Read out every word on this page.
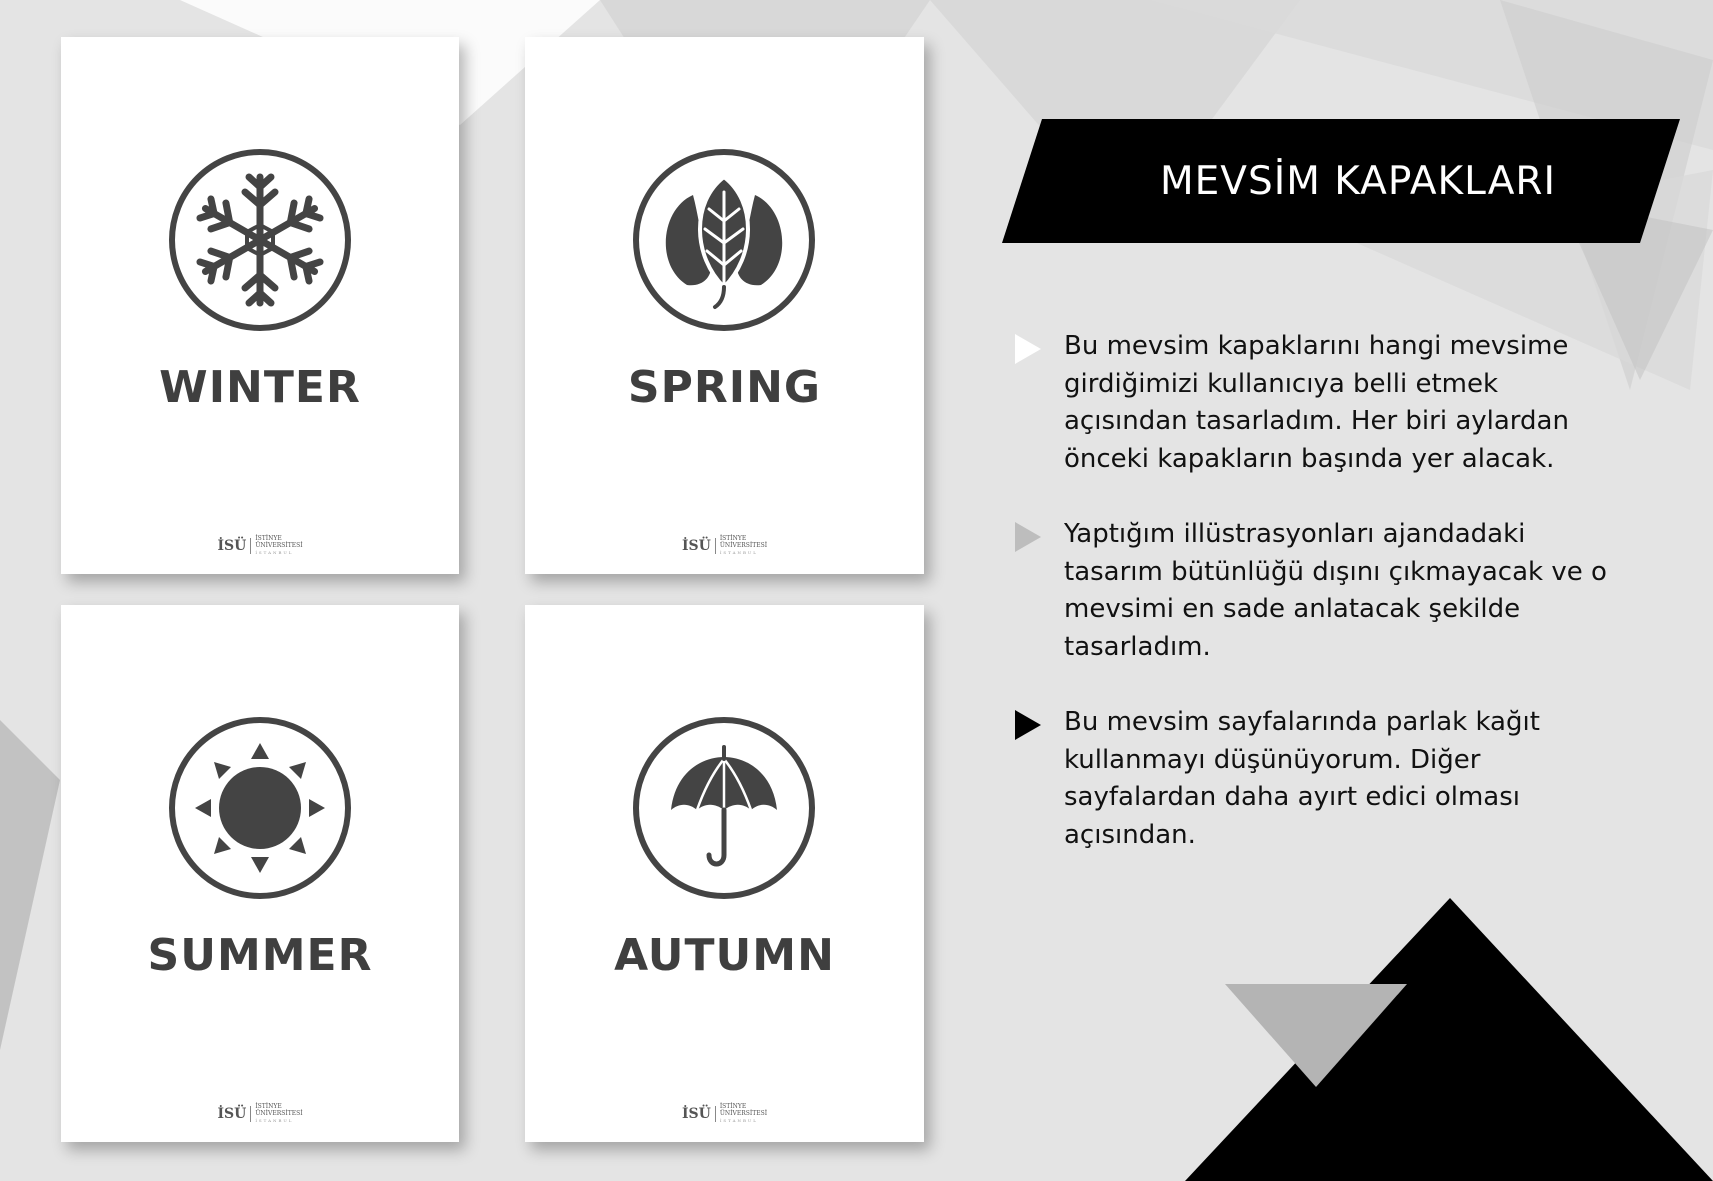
WINTER
İSÜ İSTİNYE
ÜNİVERSİTESİ
İSTANBUL
SPRING
İSÜ İSTİNYE
ÜNİVERSİTESİ
İSTANBUL
SUMMER
İSÜ İSTİNYE
ÜNİVERSİTESİ
İSTANBUL
AUTUMN
İSÜ İSTİNYE
ÜNİVERSİTESİ
İSTANBUL
MEVSİM KAPAKLARI
Bu mevsim kapaklarını hangi mevsime girdiğimizi kullanıcıya belli etmek açısından tasarladım. Her biri aylardan önceki kapakların başında yer alacak.
Yaptığım illüstrasyonları ajandadaki tasarım bütünlüğü dışını çıkmayacak ve o mevsimi en sade anlatacak şekilde tasarladım.
Bu mevsim sayfalarında parlak kağıt kullanmayı düşünüyorum. Diğer sayfalardan daha ayırt edici olması açısından.
